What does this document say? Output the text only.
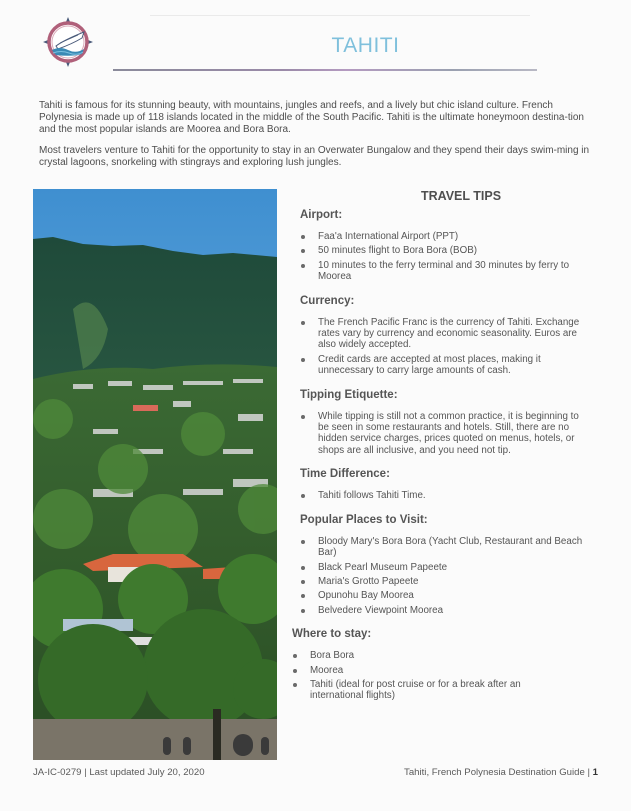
TAHITI

Tahiti is famous for its stunning beauty, with mountains, jungles and reefs, and a lively but chic island culture. French Polynesia is made up of 118 islands located in the middle of the South Pacific. Tahiti is the ultimate honeymoon destina-tion and the most popular islands are Moorea and Bora Bora.

Most travelers venture to Tahiti for the opportunity to stay in an Overwater Bungalow and they spend their days swim-ming in crystal lagoons, snorkeling with stingrays and exploring lush jungles.

TRAVEL TIPS
Airport:
Faa'a International Airport (PPT)
50 minutes flight to Bora Bora (BOB)
10 minutes to the ferry terminal and 30 minutes by ferry to Moorea
Currency:
The French Pacific Franc is the currency of Tahiti. Exchange rates vary by currency and economic seasonality. Euros are also widely accepted.
Credit cards are accepted at most places, making it unnecessary to carry large amounts of cash.
Tipping Etiquette:
While tipping is still not a common practice, it is beginning to be seen in some restaurants and hotels. Still, there are no hidden service charges, prices quoted on menus, hotels, or shops are all inclusive, and you need not tip.
Time Difference:
Tahiti follows Tahiti Time.
Popular Places to Visit:
Bloody Mary's Bora Bora (Yacht Club, Restaurant and Beach Bar)
Black Pearl Museum Papeete
Maria's Grotto Papeete
Opunohu Bay Moorea
Belvedere Viewpoint Moorea
Where to stay:
Bora Bora
Moorea
Tahiti (ideal for post cruise or for a break after an international flights)
JA-IC-0279 | Last updated July 20, 2020	Tahiti, French Polynesia Destination Guide | 1
